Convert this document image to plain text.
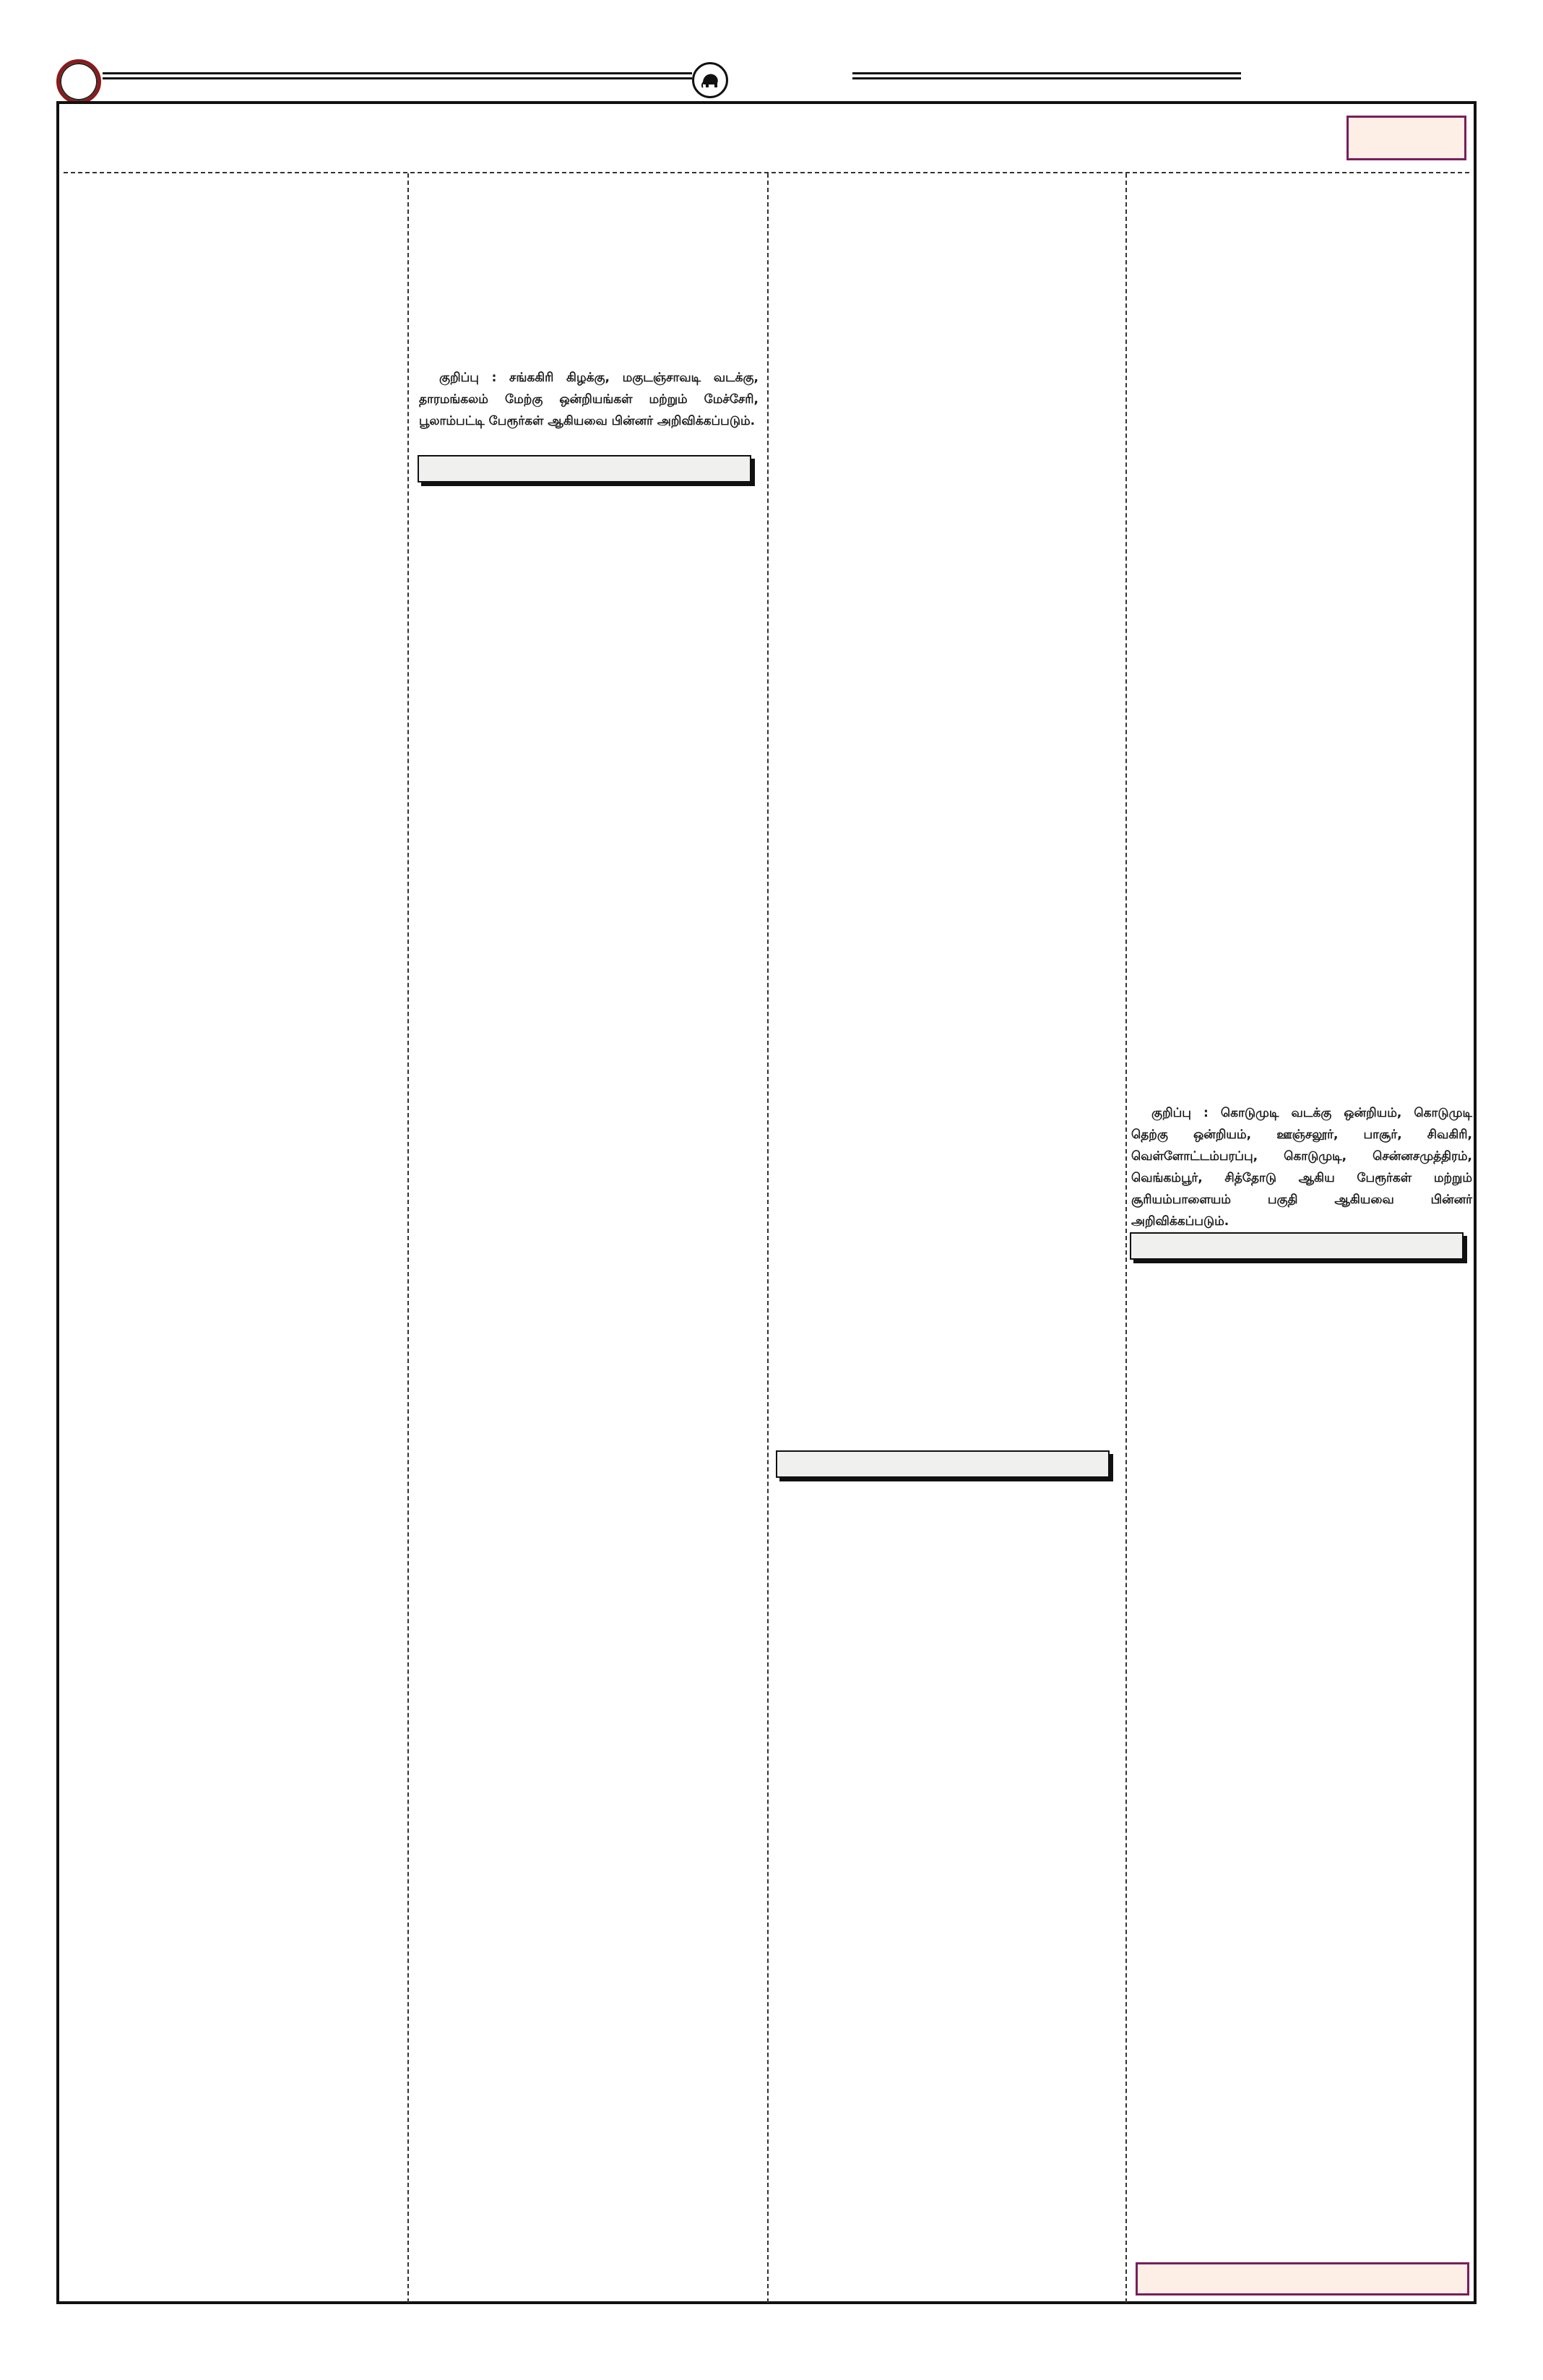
குறிப்பு : சங்ககிரி கிழக்கு, மகுடஞ்சாவடி வடக்கு, தாரமங்கலம் மேற்கு ஒன்றியங்கள் மற்றும் மேச்சேரி, பூலாம்பட்டி பேரூர்கள் ஆகியவை பின்னர் அறிவிக்கப்படும்.

குறிப்பு : கொடுமுடி வடக்கு ஒன்றியம், கொடுமுடி தெற்கு ஒன்றியம், ஊஞ்சலூர், பாசூர், சிவகிரி, வெள்ளோட்டம்பரப்பு, கொடுமுடி, சென்னசமுத்திரம், வெங்கம்பூர், சித்தோடு ஆகிய பேரூர்கள் மற்றும் சூரியம்பாளையம் பகுதி ஆகியவை பின்னர் அறிவிக்கப்படும்.
